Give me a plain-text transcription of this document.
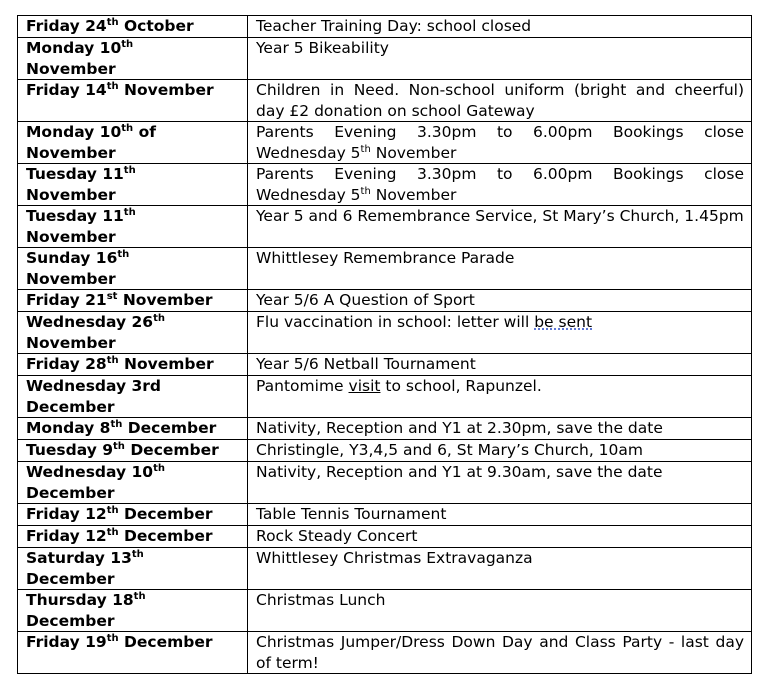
Friday 24th October	Teacher Training Day: school closed
Monday 10th
November	Year 5 Bikeability
Friday 14th November	Children in Need. Non-school uniform (bright and cheerful) day £2 donation on school Gateway
Monday 10th of
November	Parents Evening 3.30pm to 6.00pm Bookings close Wednesday 5th November
Tuesday 11th
November	Parents Evening 3.30pm to 6.00pm Bookings close Wednesday 5th November
Tuesday 11th
November	Year 5 and 6 Remembrance Service, St Mary’s Church, 1.45pm
Sunday 16th
November	Whittlesey Remembrance Parade
Friday 21st November	Year 5/6 A Question of Sport
Wednesday 26th
November	Flu vaccination in school: letter will be sent
Friday 28th November	Year 5/6 Netball Tournament
Wednesday 3rd
December	Pantomime visit to school, Rapunzel.
Monday 8th December	Nativity, Reception and Y1 at 2.30pm, save the date
Tuesday 9th December	Christingle, Y3,4,5 and 6, St Mary’s Church, 10am
Wednesday 10th
December	Nativity, Reception and Y1 at 9.30am, save the date
Friday 12th December	Table Tennis Tournament
Friday 12th December	Rock Steady Concert
Saturday 13th
December	Whittlesey Christmas Extravaganza
Thursday 18th
December	Christmas Lunch
Friday 19th December	Christmas Jumper/Dress Down Day and Class Party - last day of term!
